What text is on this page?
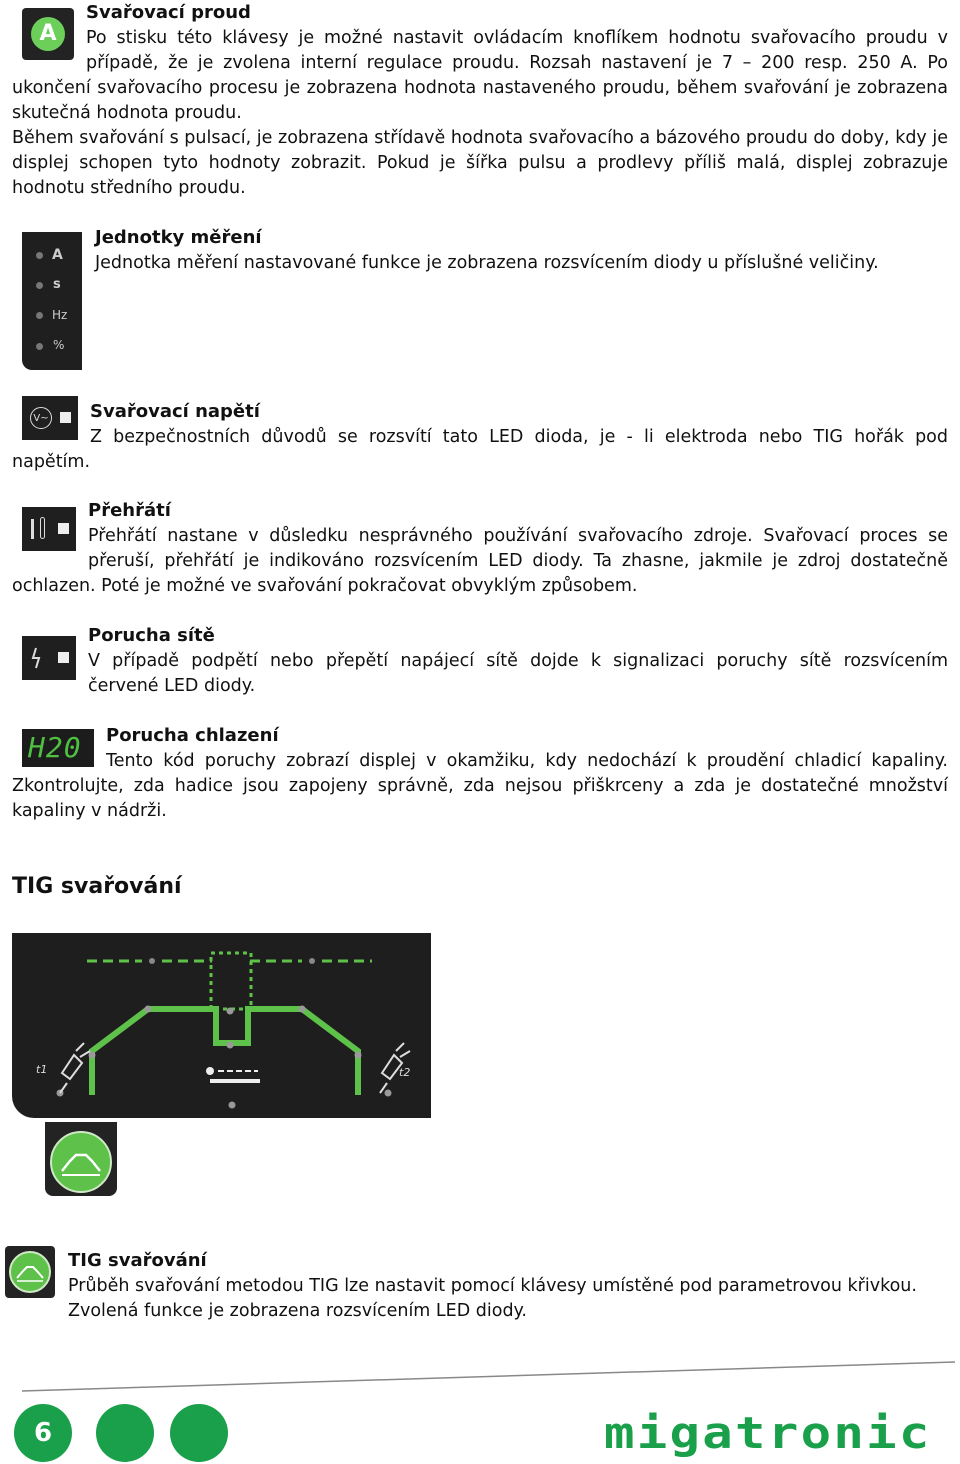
A
Svařovací proud
Po stisku této klávesy je možné nastavit ovládacím knoflíkem hodnotu svařovacího proudu v
případě, že je zvolena interní regulace proudu. Rozsah nastavení je 7 – 200 resp. 250 A. Po
ukončení svařovacího procesu je zobrazena hodnota nastaveného proudu, během svařování je zobrazena skutečná hodnota proudu.
Během svařování s pulsací, je zobrazena střídavě hodnota svařovacího a bázového proudu do doby, kdy je displej schopen tyto hodnoty zobrazit. Pokud je šířka pulsu a prodlevy příliš malá, displej zobrazuje hodnotu středního proudu.
A
s
Hz
%
Jednotky měření
Jednotka měření nastavované funkce je zobrazena rozsvícením diody u příslušné veličiny.
V~ Svařovací napětí
Z bezpečnostních důvodů se rozsvítí tato LED dioda, je - li elektroda nebo TIG hořák pod
napětím.
Přehřátí
Přehřátí nastane v důsledku nesprávného používání svařovacího zdroje. Svařovací proces se
přeruší, přehřátí je indikováno rozsvícením LED diody. Ta zhasne, jakmile je zdroj dostatečně
ochlazen. Poté je možné ve svařování pokračovat obvyklým způsobem.
Porucha sítě
V případě podpětí nebo přepětí napájecí sítě dojde k signalizaci poruchy sítě rozsvícením
červené LED diody.
H20 Porucha chlazení
Tento kód poruchy zobrazí displej v okamžiku, kdy nedochází k proudění chladicí kapaliny.
Zkontrolujte, zda hadice jsou zapojeny správně, zda nejsou přiškrceny a zda je dostatečné množství kapaliny v nádrži.
TIG svařování
t1	t2
TIG svařování
Průběh svařování metodou TIG lze nastavit pomocí klávesy umístěné pod parametrovou křivkou.
Zvolená funkce je zobrazena rozsvícením LED diody.
6	migatronic
